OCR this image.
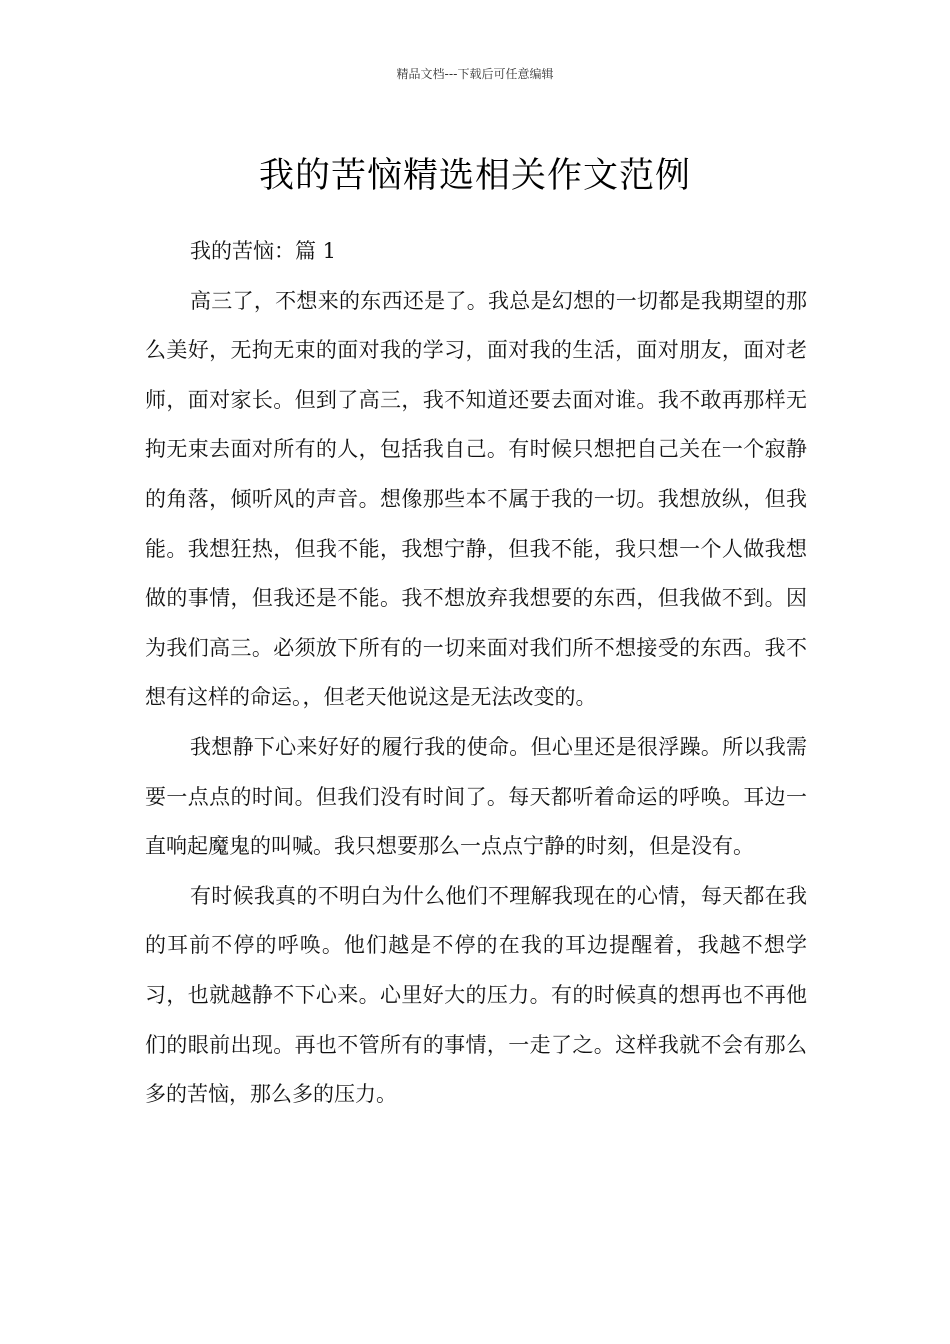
精品文档---下载后可任意编辑
我的苦恼精选相关作文范例

我的苦恼：篇 1

高三了，不想来的东西还是了。我总是幻想的一切都是我期望的那么美好，无拘无束的面对我的学习，面对我的生活，面对朋友，面对老师，面对家长。但到了高三，我不知道还要去面对谁。我不敢再那样无拘无束去面对所有的人，包括我自己。有时候只想把自己关在一个寂静的角落，倾听风的声音。想像那些本不属于我的一切。我想放纵，但我能。我想狂热，但我不能，我想宁静，但我不能，我只想一个人做我想做的事情，但我还是不能。我不想放弃我想要的东西，但我做不到。因为我们高三。必须放下所有的一切来面对我们所不想接受的东西。我不想有这样的命运。，但老天他说这是无法改变的。

我想静下心来好好的履行我的使命。但心里还是很浮躁。所以我需要一点点的时间。但我们没有时间了。每天都听着命运的呼唤。耳边一直响起魔鬼的叫喊。我只想要那么一点点宁静的时刻，但是没有。

有时候我真的不明白为什么他们不理解我现在的心情，每天都在我的耳前不停的呼唤。他们越是不停的在我的耳边提醒着，我越不想学习，也就越静不下心来。心里好大的压力。有的时候真的想再也不再他们的眼前出现。再也不管所有的事情，一走了之。这样我就不会有那么多的苦恼，那么多的压力。
